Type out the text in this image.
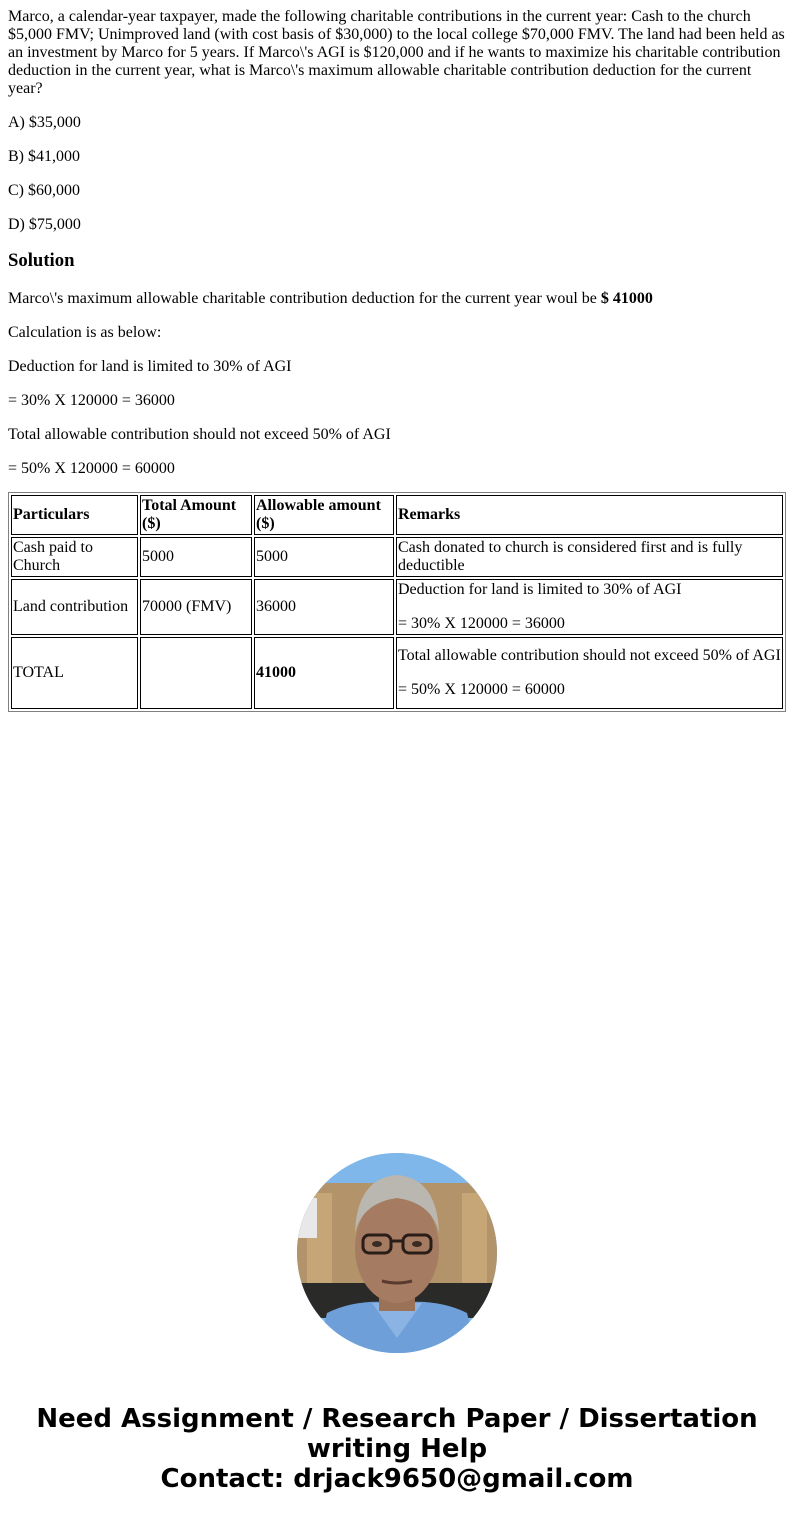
Marco, a calendar-year taxpayer, made the following charitable contributions in the current year: Cash to the church $5,000 FMV; Unimproved land (with cost basis of $30,000) to the local college $70,000 FMV. The land had been held as an investment by Marco for 5 years. If Marco\'s AGI is $120,000 and if he wants to maximize his charitable contribution deduction in the current year, what is Marco\'s maximum allowable charitable contribution deduction for the current year?

A) $35,000

B) $41,000

C) $60,000

D) $75,000

Solution

Marco\'s maximum allowable charitable contribution deduction for the current year woul be $ 41000

Calculation is as below:

Deduction for land is limited to 30% of AGI

= 30% X 120000 = 36000

Total allowable contribution should not exceed 50% of AGI

= 50% X 120000 = 60000

Particulars	Total Amount ($)	Allowable amount ($)	Remarks
Cash paid to Church	5000	5000	Cash donated to church is considered first and is fully deductible
Land contribution	70000 (FMV)	36000	Deduction for land is limited to 30% of AGI

= 30% X 120000 = 36000

TOTAL		41000	Total allowable contribution should not exceed 50% of AGI

= 50% X 120000 = 60000

Need Assignment / Research Paper / Dissertation
writing Help
Contact: drjack9650@gmail.com
